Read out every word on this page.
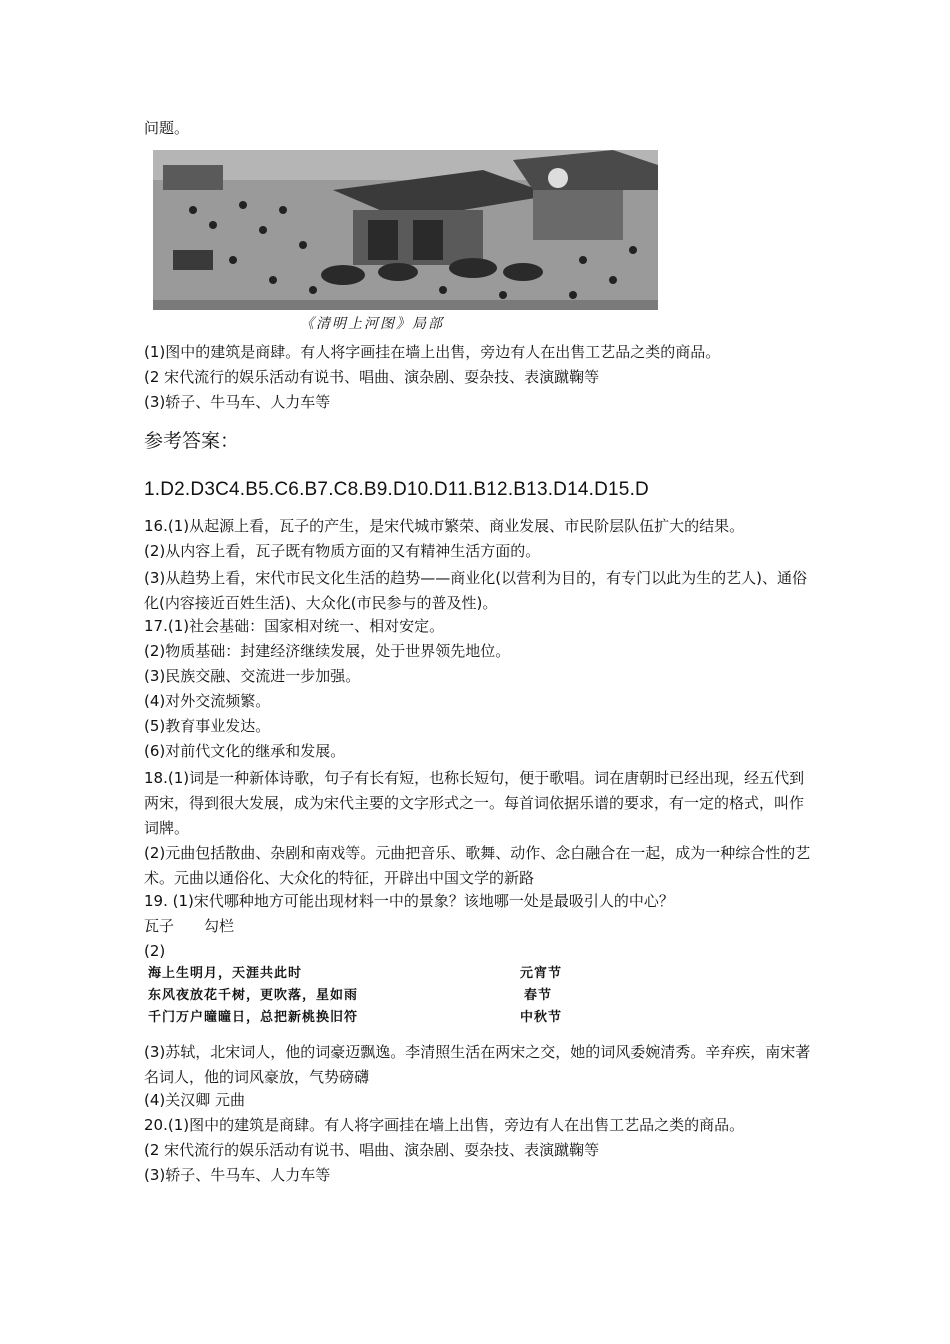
问题。
《清明上河图》局部
(1)图中的建筑是商肆。有人将字画挂在墙上出售，旁边有人在出售工艺品之类的商品。
(2 宋代流行的娱乐活动有说书、唱曲、演杂剧、耍杂技、表演蹴鞠等
(3)轿子、牛马车、人力车等
参考答案：
1.D2.D3C4.B5.C6.B7.C8.B9.D10.D11.B12.B13.D14.D15.D
16.(1)从起源上看，瓦子的产生，是宋代城市繁荣、商业发展、市民阶层队伍扩大的结果。
(2)从内容上看，瓦子既有物质方面的又有精神生活方面的。
(3)从趋势上看，宋代市民文化生活的趋势——商业化(以营利为目的，有专门以此为生的艺人)、通俗化(内容接近百姓生活)、大众化(市民参与的普及性)。
17.(1)社会基础：国家相对统一、相对安定。
(2)物质基础：封建经济继续发展，处于世界领先地位。
(3)民族交融、交流进一步加强。
(4)对外交流频繁。
(5)教育事业发达。
(6)对前代文化的继承和发展。
18.(1)词是一种新体诗歌，句子有长有短，也称长短句，便于歌唱。词在唐朝时已经出现，经五代到两宋，得到很大发展，成为宋代主要的文字形式之一。每首词依据乐谱的要求，有一定的格式，叫作词牌。
(2)元曲包括散曲、杂剧和南戏等。元曲把音乐、歌舞、动作、念白融合在一起，成为一种综合性的艺术。元曲以通俗化、大众化的特征，开辟出中国文学的新路
19. (1)宋代哪种地方可能出现材料一中的景象？该地哪一处是最吸引人的中心？
瓦子　　勾栏
(2)
海上生明月，天涯共此时	元宵节
东风夜放花千树，更吹落，星如雨	春节
千门万户曈曈日，总把新桃换旧符	中秋节
(3)苏轼，北宋词人，他的词豪迈飘逸。李清照生活在两宋之交，她的词风委婉清秀。辛弃疾，南宋著名词人，他的词风豪放，气势磅礴
(4)关汉卿 元曲
20.(1)图中的建筑是商肆。有人将字画挂在墙上出售，旁边有人在出售工艺品之类的商品。
(2 宋代流行的娱乐活动有说书、唱曲、演杂剧、耍杂技、表演蹴鞠等
(3)轿子、牛马车、人力车等
